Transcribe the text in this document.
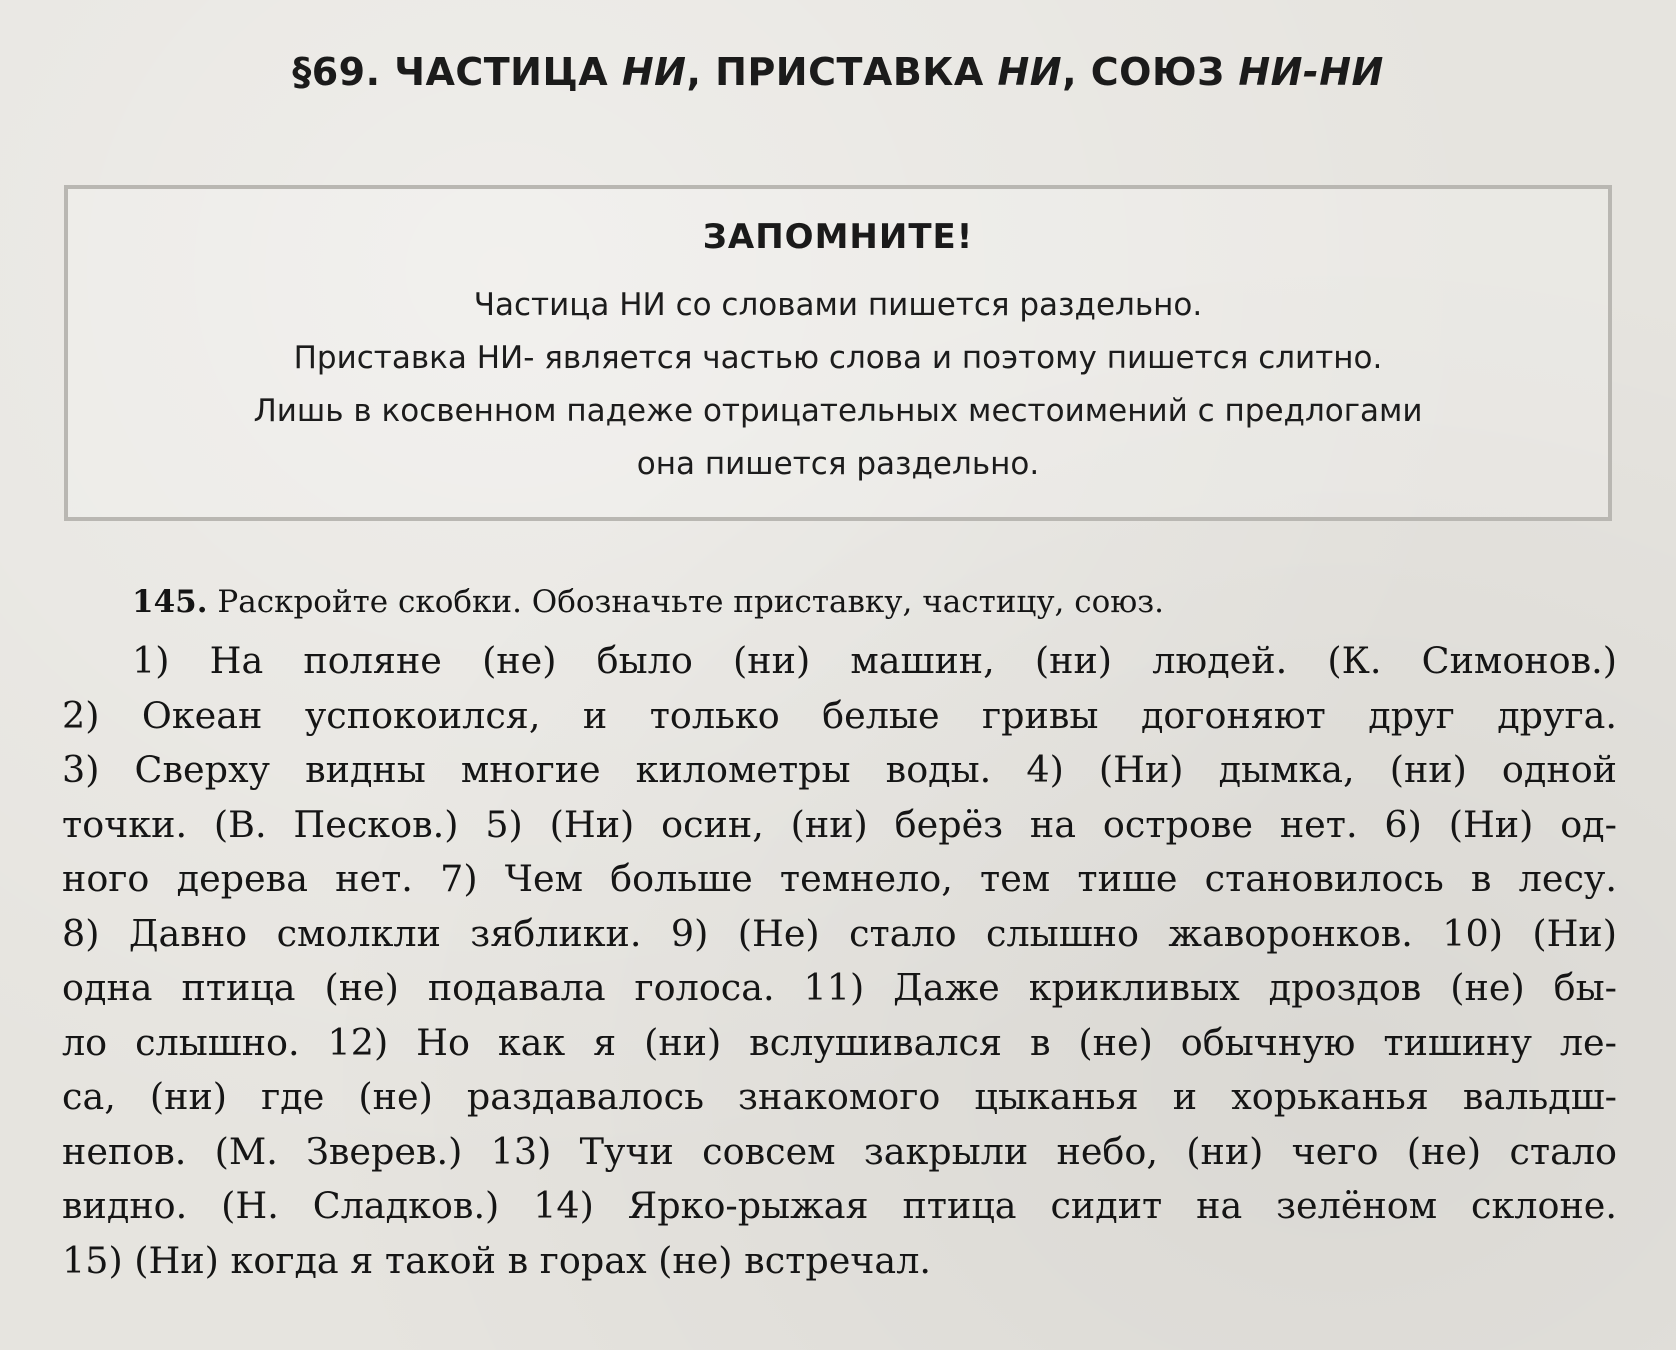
§69. ЧАСТИЦА НИ, ПРИСТАВКА НИ, СОЮЗ НИ-НИ
ЗАПОМНИТЕ!
Частица НИ со словами пишется раздельно.
Приставка НИ- является частью слова и поэтому пишется слитно.
Лишь в косвенном падеже отрицательных местоимений с предлогами
она пишется раздельно.

145. Раскройте скобки. Обозначьте приставку, частицу, союз.

1) На поляне (не) было (ни) машин, (ни) людей. (К. Симонов.)
2) Океан успокоился, и только белые гривы догоняют друг друга.
3) Сверху видны многие километры воды. 4) (Ни) дымка, (ни) одной
точки. (В. Песков.) 5) (Ни) осин, (ни) берёз на острове нет. 6) (Ни) од-
ного дерева нет. 7) Чем больше темнело, тем тише становилось в лесу.
8) Давно смолкли зяблики. 9) (Не) стало слышно жаворонков. 10) (Ни)
одна птица (не) подавала голоса. 11) Даже крикливых дроздов (не) бы-
ло слышно. 12) Но как я (ни) вслушивался в (не) обычную тишину ле-
са, (ни) где (не) раздавалось знакомого цыканья и хорьканья вальдш-
непов. (М. Зверев.) 13) Тучи совсем закрыли небо, (ни) чего (не) стало
видно. (Н. Сладков.) 14) Ярко-рыжая птица сидит на зелёном склоне.
15) (Ни) когда я такой в горах (не) встречал.
